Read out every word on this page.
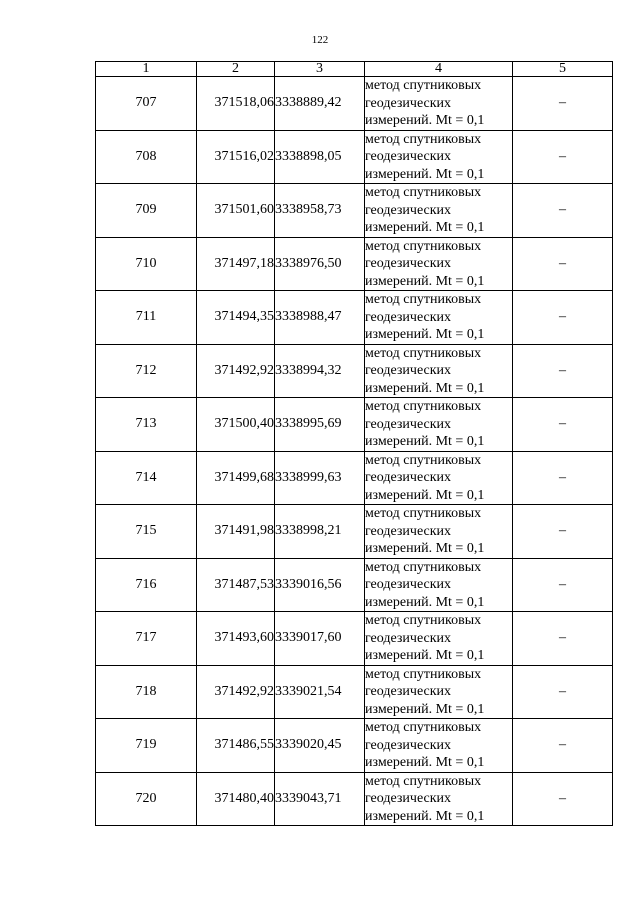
122
1	2	3	4	5
707	371518,06	3338889,42	метод спутниковых
геодезических
измерений. Mt = 0,1	–
708	371516,02	3338898,05	метод спутниковых
геодезических
измерений. Mt = 0,1	–
709	371501,60	3338958,73	метод спутниковых
геодезических
измерений. Mt = 0,1	–
710	371497,18	3338976,50	метод спутниковых
геодезических
измерений. Mt = 0,1	–
711	371494,35	3338988,47	метод спутниковых
геодезических
измерений. Mt = 0,1	–
712	371492,92	3338994,32	метод спутниковых
геодезических
измерений. Mt = 0,1	–
713	371500,40	3338995,69	метод спутниковых
геодезических
измерений. Mt = 0,1	–
714	371499,68	3338999,63	метод спутниковых
геодезических
измерений. Mt = 0,1	–
715	371491,98	3338998,21	метод спутниковых
геодезических
измерений. Mt = 0,1	–
716	371487,53	3339016,56	метод спутниковых
геодезических
измерений. Mt = 0,1	–
717	371493,60	3339017,60	метод спутниковых
геодезических
измерений. Mt = 0,1	–
718	371492,92	3339021,54	метод спутниковых
геодезических
измерений. Mt = 0,1	–
719	371486,55	3339020,45	метод спутниковых
геодезических
измерений. Mt = 0,1	–
720	371480,40	3339043,71	метод спутниковых
геодезических
измерений. Mt = 0,1	–
